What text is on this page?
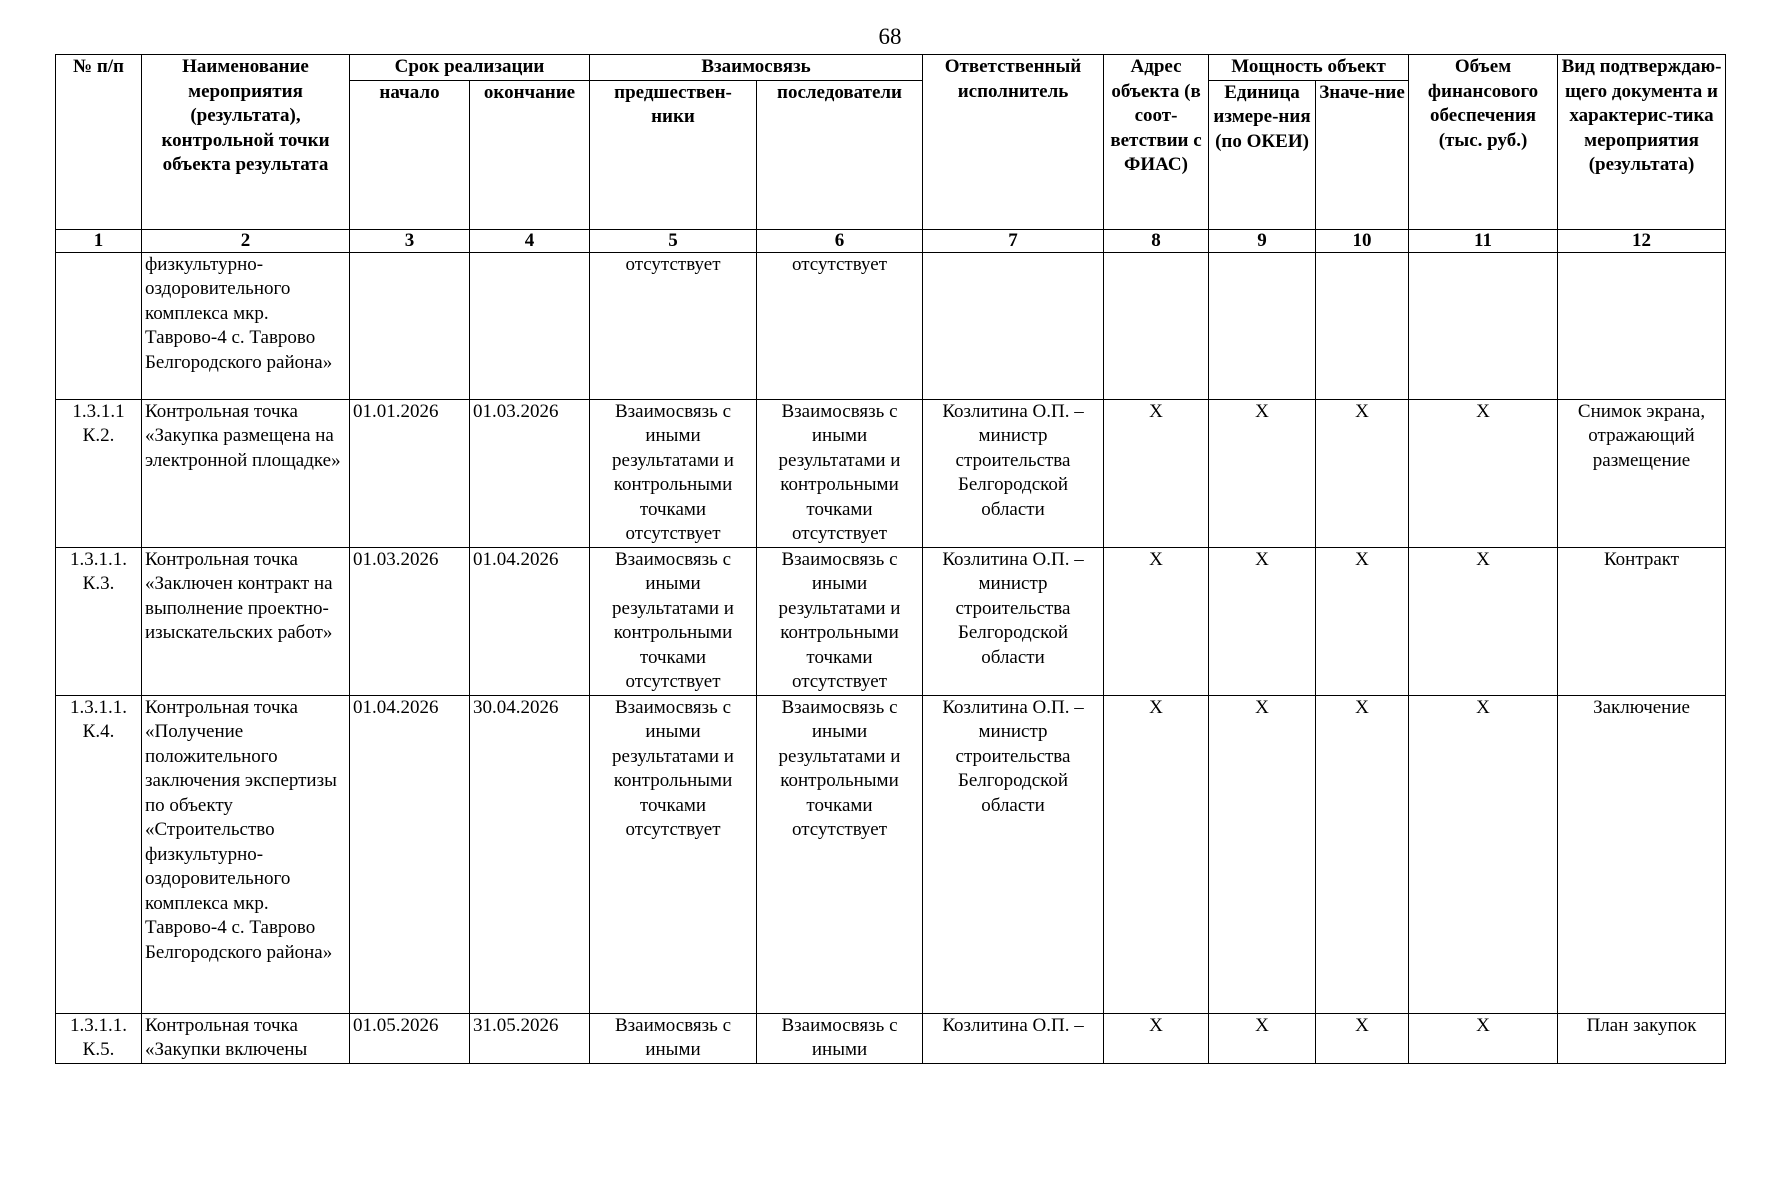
68
№ п/п	Наименование мероприятия (результата), контрольной точки объекта результата	Срок реализации		Взаимосвязь		Ответственный исполнитель	Адрес объекта (в соот-ветствии с ФИАС)	Мощность объект		Объем финансового обеспечения (тыс. руб.)	Вид подтверждаю-щего документа и характерис-тика мероприятия (результата)
		начало	окончание	предшествен-ники	последователи			Единица измере-ния (по ОКЕИ)	Значе-ние		
1	2	3	4	5	6	7	8	9	10	11	12
	физкультурно-оздоровительного комплекса мкр. Таврово-4 с. Таврово Белгородского района»			отсутствует	отсутствует						
1.3.1.1 К.2.	Контрольная точка «Закупка размещена на электронной площадке»	01.01.2026	01.03.2026	Взаимосвязь с иными результатами и контрольными точками отсутствует	Взаимосвязь с иными результатами и контрольными точками отсутствует	Козлитина О.П. – министр строительства Белгородской области	X	X	X	X	Снимок экрана, отражающий размещение
1.3.1.1. К.3.	Контрольная точка «Заключен контракт на выполнение проектно-изыскательских работ»	01.03.2026	01.04.2026	Взаимосвязь с иными результатами и контрольными точками отсутствует	Взаимосвязь с иными результатами и контрольными точками отсутствует	Козлитина О.П. – министр строительства Белгородской области	X	X	X	X	Контракт
1.3.1.1. К.4.	Контрольная точка «Получение положительного заключения экспертизы по объекту «Строительство физкультурно-оздоровительного комплекса мкр. Таврово-4 с. Таврово Белгородского района»	01.04.2026	30.04.2026	Взаимосвязь с иными результатами и контрольными точками отсутствует	Взаимосвязь с иными результатами и контрольными точками отсутствует	Козлитина О.П. – министр строительства Белгородской области	X	X	X	X	Заключение
1.3.1.1. К.5.	Контрольная точка «Закупки включены	01.05.2026	31.05.2026	Взаимосвязь с иными	Взаимосвязь с иными	Козлитина О.П. –	X	X	X	X	План закупок
